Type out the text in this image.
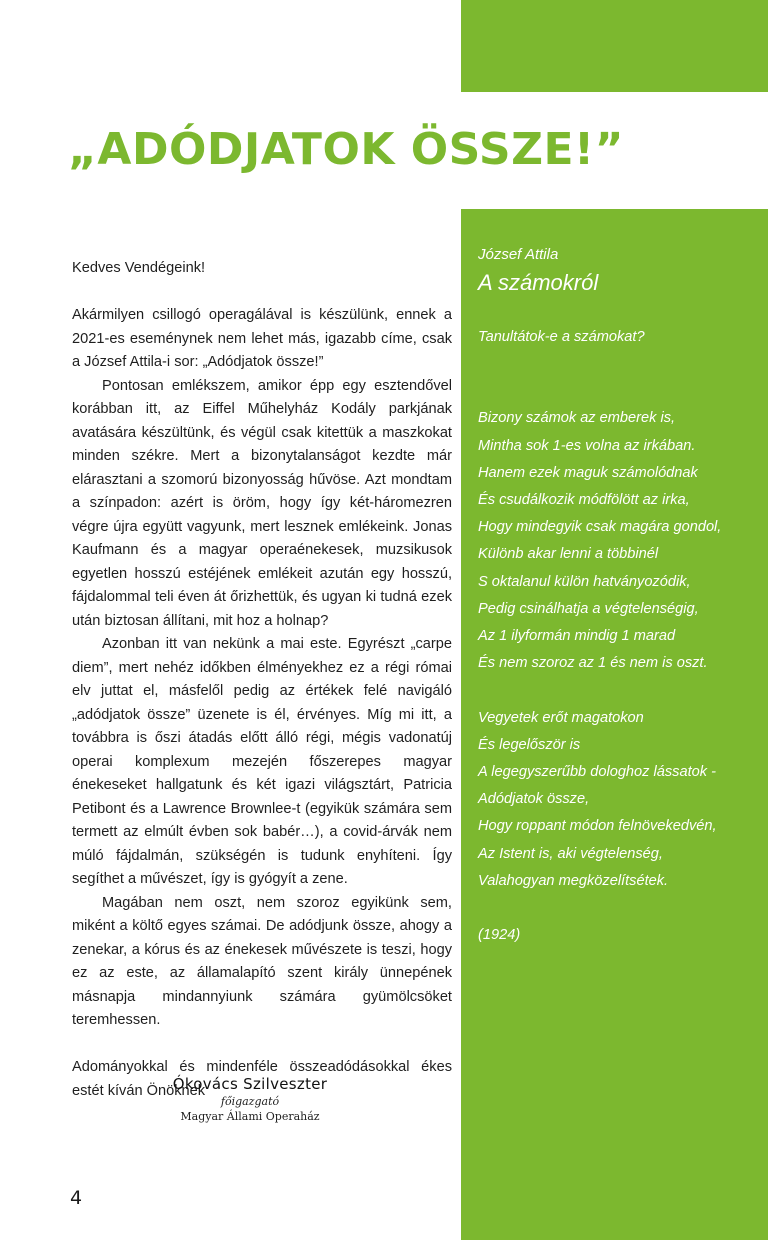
„ADÓDJATOK ÖSSZE!”

Kedves Vendégeink!

Akármilyen csillogó operagálával is készülünk, ennek a 2021-es eseménynek nem lehet más, igazabb címe, csak a József Attila-i sor: „Adódjatok össze!”

Pontosan emlékszem, amikor épp egy esztendővel korábban itt, az Eiffel Műhelyház Kodály parkjának avatására készültünk, és végül csak kitettük a maszkokat minden székre. Mert a bizonytalanságot kezdte már elárasztani a szomorú bizonyosság hűvöse. Azt mondtam a színpadon: azért is öröm, hogy így két-háromezren végre újra együtt vagyunk, mert lesznek emlékeink. Jonas Kaufmann és a magyar operaénekesek, muzsikusok egyetlen hosszú estéjének emlékeit azután egy hosszú, fájdalommal teli éven át őrizhettük, és ugyan ki tudná ezek után biztosan állítani, mit hoz a holnap?

Azonban itt van nekünk a mai este. Egyrészt „carpe diem”, mert nehéz időkben élményekhez ez a régi római elv juttat el, másfelől pedig az értékek felé navigáló „adódjatok össze” üzenete is él, érvényes. Míg mi itt, a továbbra is őszi átadás előtt álló régi, mégis vadonatúj operai komplexum mezején főszerepes magyar énekeseket hallgatunk és két igazi világsztárt, Patricia Petibont és a Lawrence Brownlee-t (egyikük számára sem termett az elmúlt évben sok babér…), a covid-árvák nem múló fájdalmán, szükségén is tudunk enyhíteni. Így segíthet a művészet, így is gyógyít a zene.

Magában nem oszt, nem szoroz egyikünk sem, miként a költő egyes számai. De adódjunk össze, ahogy a zenekar, a kórus és az énekesek művészete is teszi, hogy ez az este, az államalapító szent király ünnepének másnapja mindannyiunk számára gyümölcsöket teremhessen.

Adományokkal és mindenféle összeadódásokkal ékes estét kíván Önöknek

Ókovács Szilveszter
főigazgató
Magyar Állami Operaház
4
József Attila
A számokról
Tanultátok-e a számokat?
Bizony számok az emberek is,
Mintha sok 1-es volna az irkában.
Hanem ezek maguk számolódnak
És csudálkozik módfölött az irka,
Hogy mindegyik csak magára gondol,
Különb akar lenni a többinél
S oktalanul külön hatványozódik,
Pedig csinálhatja a végtelenségig,
Az 1 ilyformán mindig 1 marad
És nem szoroz az 1 és nem is oszt.
Vegyetek erőt magatokon
És legelőször is
A legegyszerűbb dologhoz lássatok -
Adódjatok össze,
Hogy roppant módon felnövekedvén,
Az Istent is, aki végtelenség,
Valahogyan megközelítsétek.
(1924)
